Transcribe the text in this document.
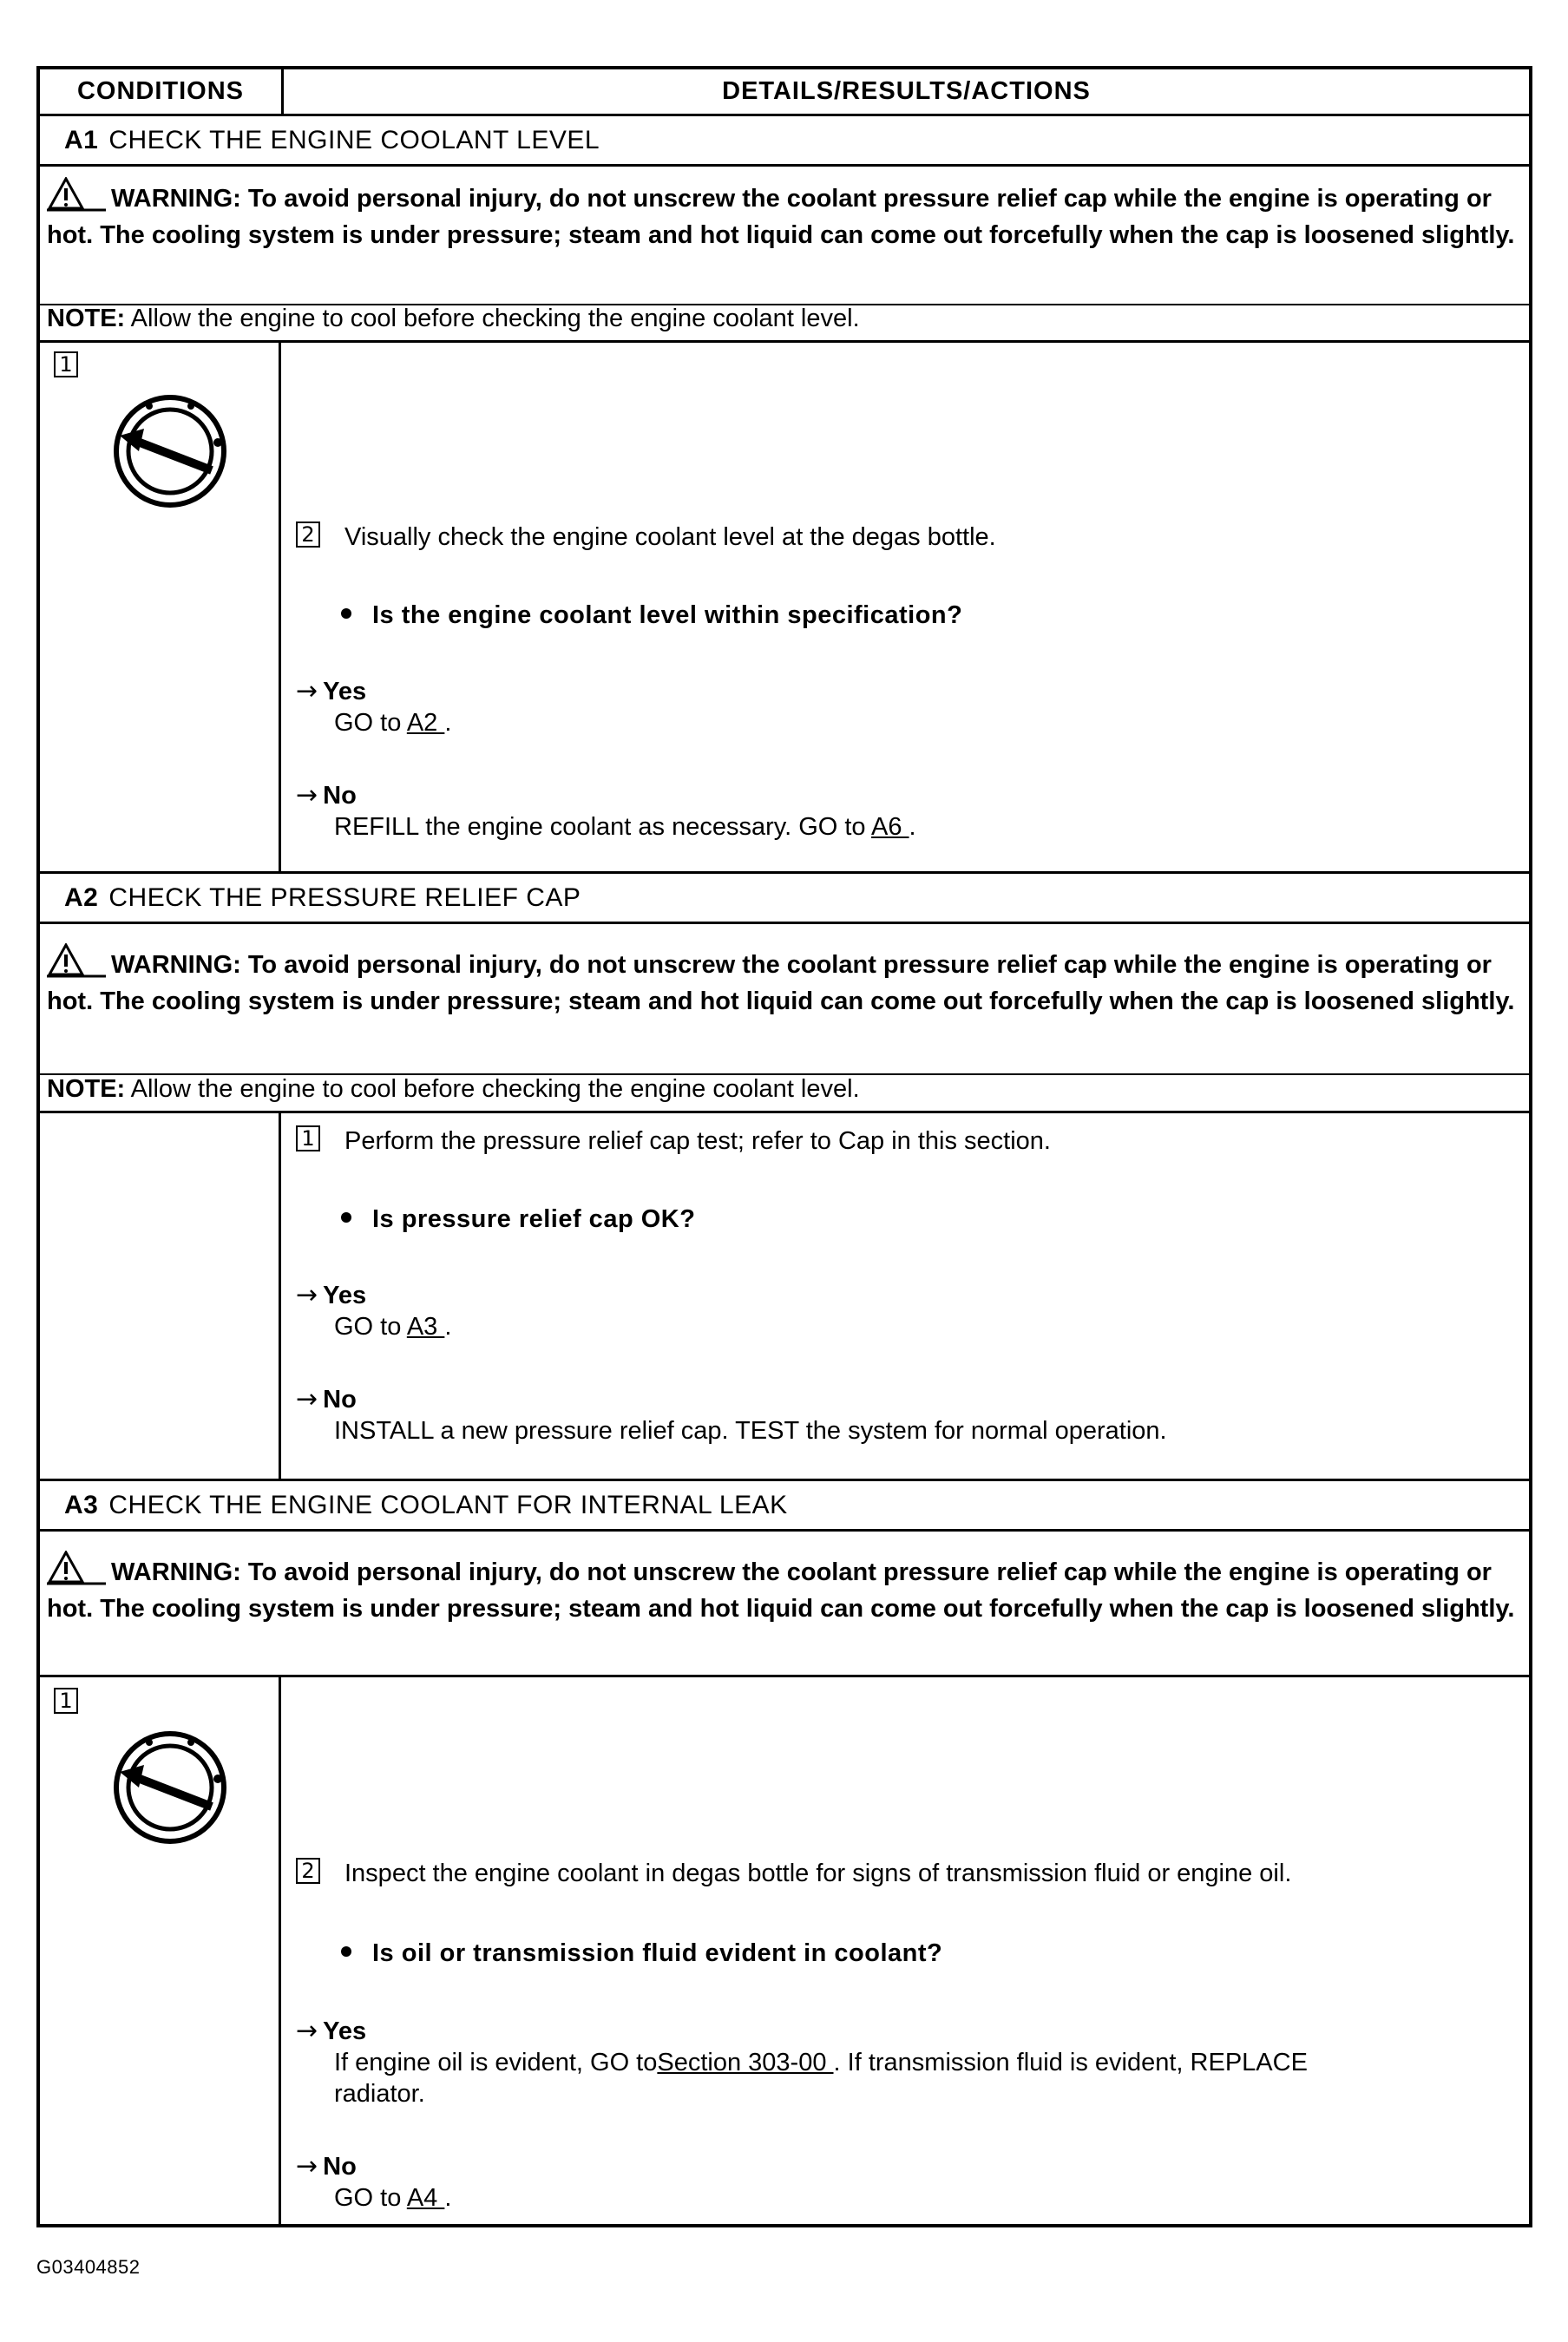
CONDITIONS	DETAILS/RESULTS/ACTIONS
A1 CHECK THE ENGINE COOLANT LEVEL
WARNING: To avoid personal injury, do not unscrew the coolant pressure relief cap while the engine is operating or hot. The cooling system is under pressure; steam and hot liquid can come out forcefully when the cap is loosened slightly.
NOTE: Allow the engine to cool before checking the engine coolant level.
1
2 Visually check the engine coolant level at the degas bottle.
Is the engine coolant level within specification?
→ Yes
GO to A2 .
→ No
REFILL the engine coolant as necessary. GO to A6 .
A2 CHECK THE PRESSURE RELIEF CAP
WARNING: To avoid personal injury, do not unscrew the coolant pressure relief cap while the engine is operating or hot. The cooling system is under pressure; steam and hot liquid can come out forcefully when the cap is loosened slightly.
NOTE: Allow the engine to cool before checking the engine coolant level.
1 Perform the pressure relief cap test; refer to Cap in this section.
Is pressure relief cap OK?
→ Yes
GO to A3 .
→ No
INSTALL a new pressure relief cap. TEST the system for normal operation.
A3 CHECK THE ENGINE COOLANT FOR INTERNAL LEAK
WARNING: To avoid personal injury, do not unscrew the coolant pressure relief cap while the engine is operating or hot. The cooling system is under pressure; steam and hot liquid can come out forcefully when the cap is loosened slightly.
1
2 Inspect the engine coolant in degas bottle for signs of transmission fluid or engine oil.
Is oil or transmission fluid evident in coolant?
→ Yes
If engine oil is evident, GO toSection 303-00 . If transmission fluid is evident, REPLACE
radiator.
→ No
GO to A4 .
G03404852
